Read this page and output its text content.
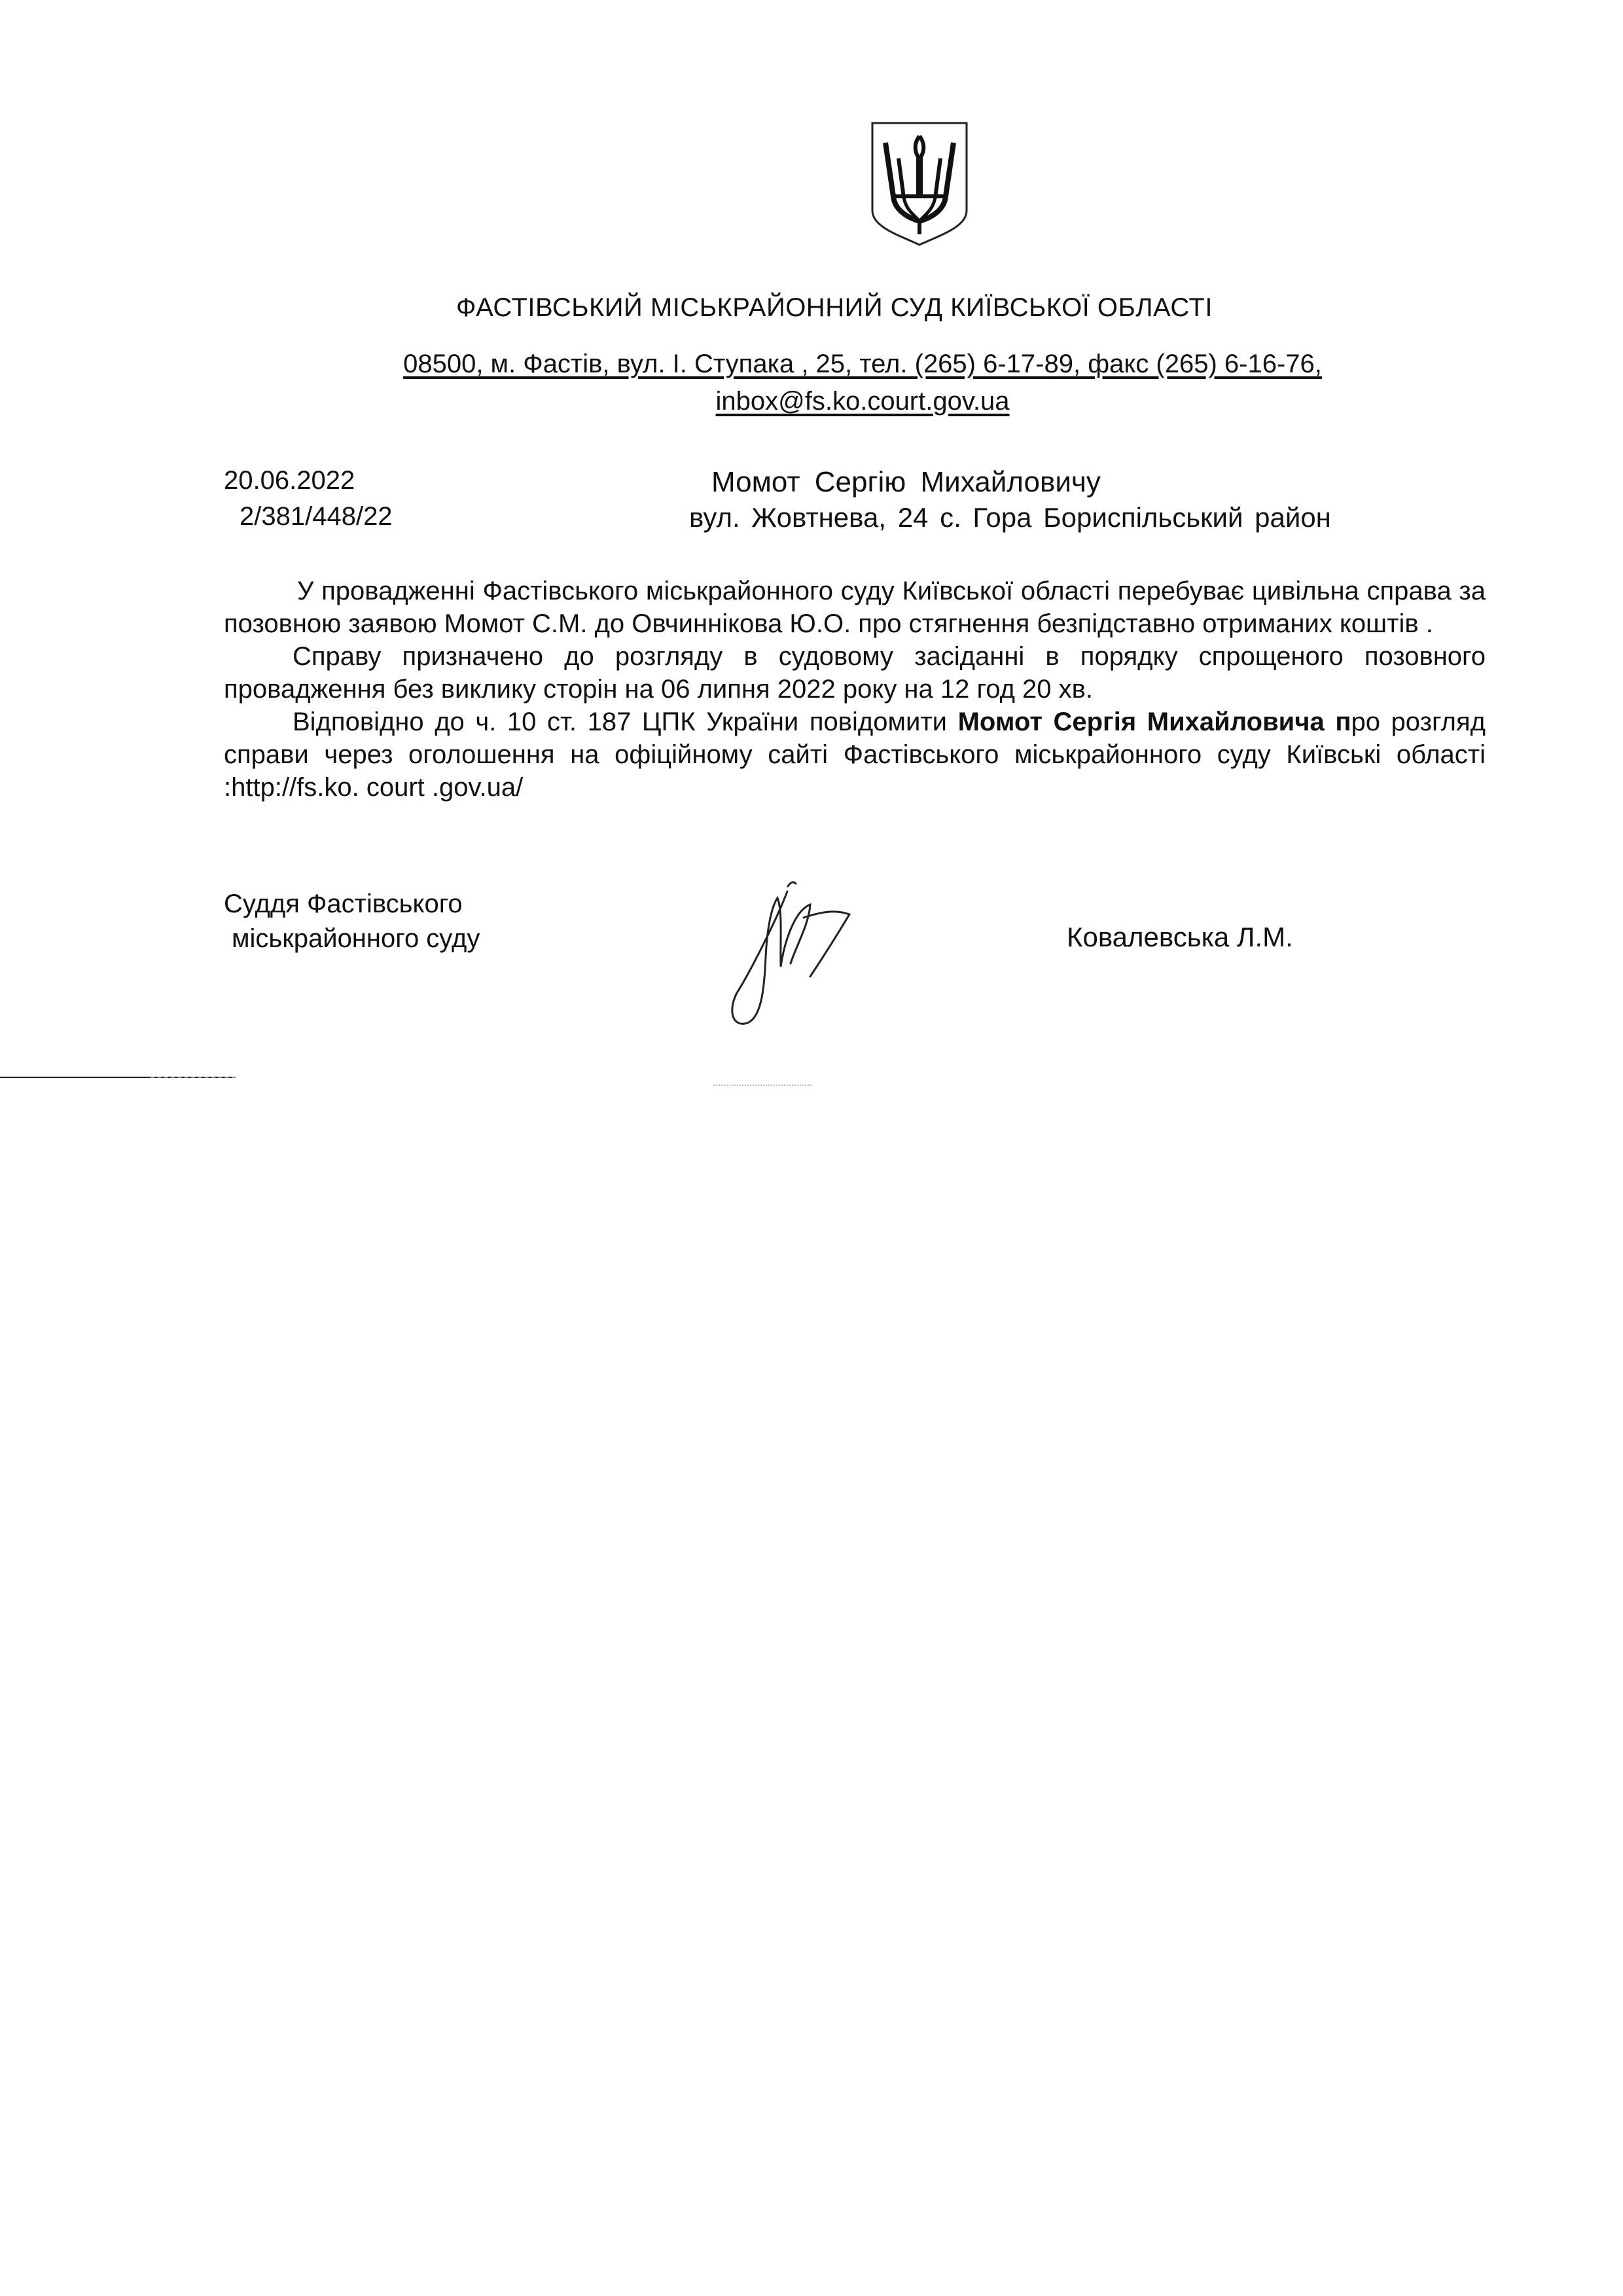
ФАСТІВСЬКИЙ МІСЬКРАЙОННИЙ СУД КИЇВСЬКОЇ ОБЛАСТІ
08500, м. Фастів, вул. І. Ступака , 25, тел. (265) 6-17-89, факс (265) 6-16-76,
inbox@fs.ko.court.gov.ua
20.06.2022
2/381/448/22
Момот Сергію Михайловичу
вул. Жовтнева, 24 с. Гора Бориспільський район

У провадженні Фастівського міськрайонного суду Київської області перебуває цивільна справа за позовною заявою Момот С.М. до Овчиннікова Ю.О. про стягнення безпідставно отриманих коштів .

Справу призначено до розгляду в судовому засіданні в порядку спрощеного позовного провадження без виклику сторін на 06 липня 2022 року на 12 год 20 хв.

Відповідно до ч. 10 ст. 187 ЦПК України повідомити Момот Сергія Михайловича про розгляд справи через оголошення на офіційному сайті Фастівського міськрайонного суду Київські області :http://fs.ko. court .gov.ua/

Суддя Фастівського
міськрайонного суду	Ковалевська Л.М.
